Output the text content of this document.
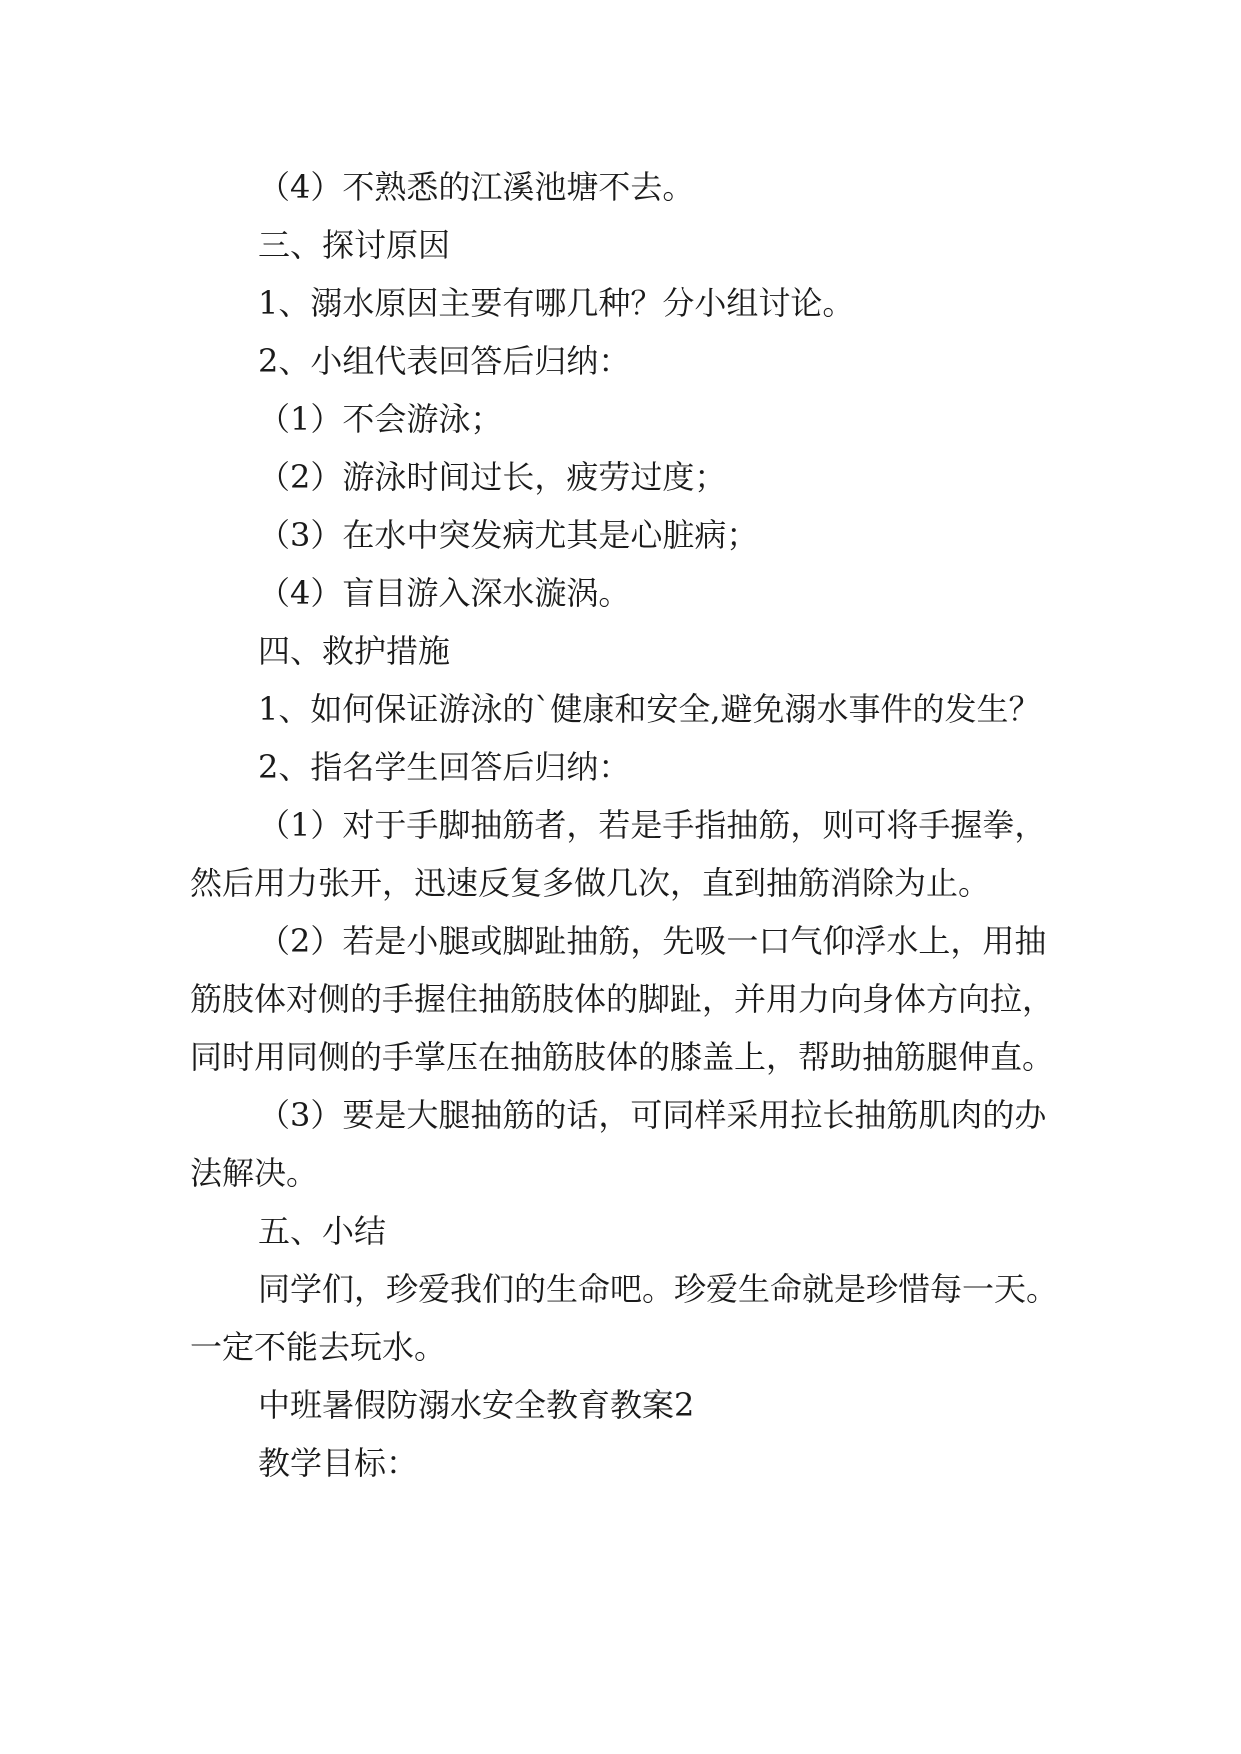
（4）不熟悉的江溪池塘不去。

三、探讨原因

1、溺水原因主要有哪几种？分小组讨论。

2、小组代表回答后归纳：

（1）不会游泳；

（2）游泳时间过长，疲劳过度；

（3）在水中突发病尤其是心脏病；

（4）盲目游入深水漩涡。

四、救护措施

1、如何保证游泳的`健康和安全,避免溺水事件的发生？

2、指名学生回答后归纳：

（1）对于手脚抽筋者，若是手指抽筋，则可将手握拳，然后用力张开，迅速反复多做几次，直到抽筋消除为止。

（2）若是小腿或脚趾抽筋，先吸一口气仰浮水上，用抽筋肢体对侧的手握住抽筋肢体的脚趾，并用力向身体方向拉，同时用同侧的手掌压在抽筋肢体的膝盖上，帮助抽筋腿伸直。

（3）要是大腿抽筋的话，可同样采用拉长抽筋肌肉的办法解决。

五、小结

同学们，珍爱我们的生命吧。珍爱生命就是珍惜每一天。一定不能去玩水。

中班暑假防溺水安全教育教案2

教学目标：
